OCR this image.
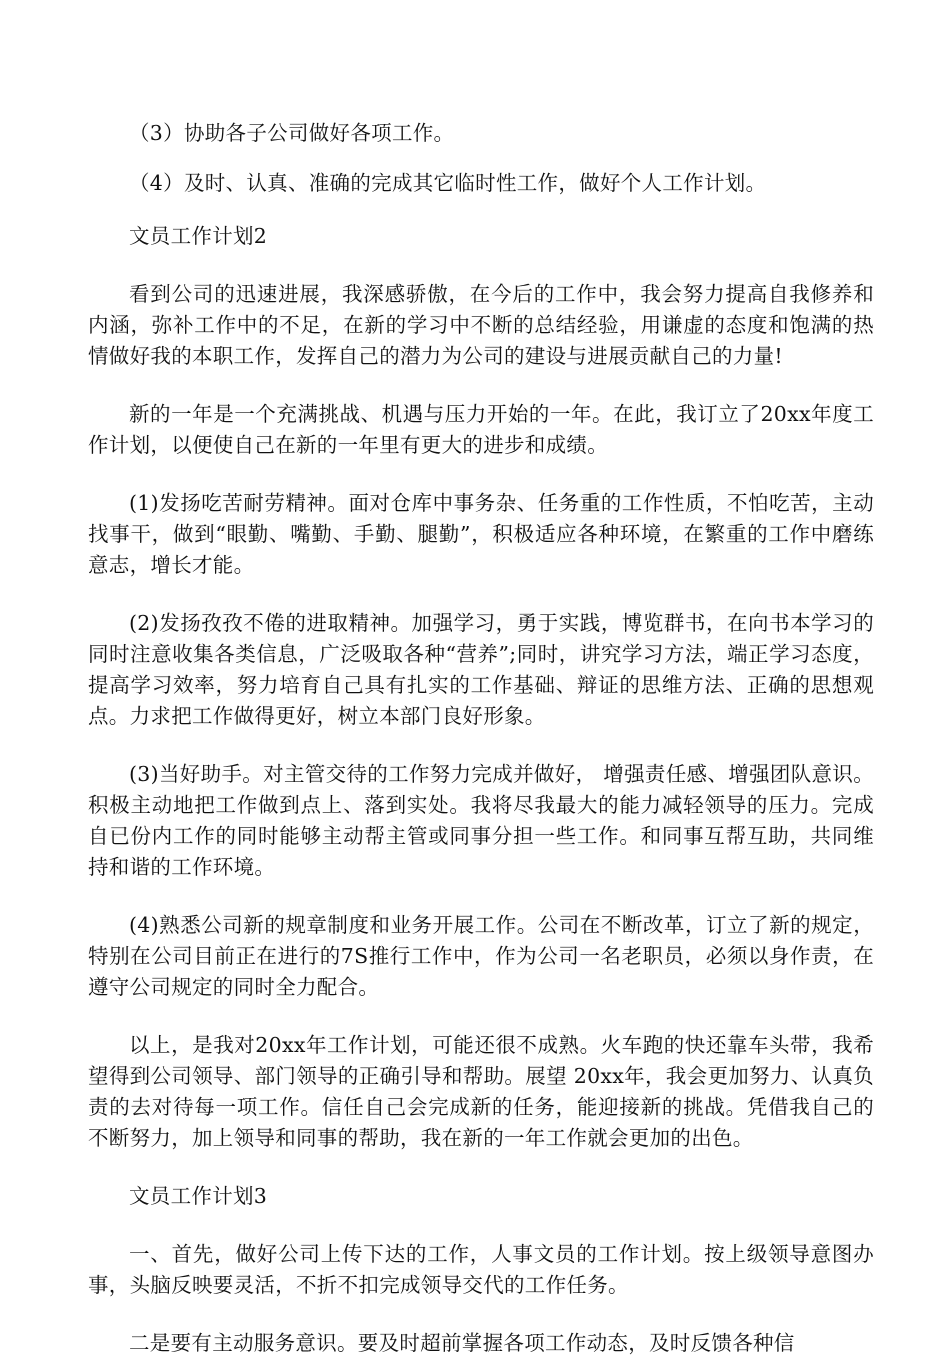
（3）协助各子公司做好各项工作。

（4）及时、认真、准确的完成其它临时性工作，做好个人工作计划。

文员工作计划2

看到公司的迅速进展，我深感骄傲，在今后的工作中，我会努力提高自我修养和内涵，弥补工作中的不足，在新的学习中不断的总结经验，用谦虚的态度和饱满的热情做好我的本职工作，发挥自己的潜力为公司的建设与进展贡献自己的力量!

新的一年是一个充满挑战、机遇与压力开始的一年。在此，我订立了20xx年度工作计划，以便使自己在新的一年里有更大的进步和成绩。

(1)发扬吃苦耐劳精神。面对仓库中事务杂、任务重的工作性质，不怕吃苦，主动找事干，做到“眼勤、嘴勤、手勤、腿勤”，积极适应各种环境，在繁重的工作中磨练意志，增长才能。

(2)发扬孜孜不倦的进取精神。加强学习，勇于实践，博览群书，在向书本学习的同时注意收集各类信息，广泛吸取各种“营养”;同时，讲究学习方法，端正学习态度，提高学习效率，努力培育自己具有扎实的工作基础、辩证的思维方法、正确的思想观点。力求把工作做得更好，树立本部门良好形象。

(3)当好助手。对主管交待的工作努力完成并做好， 增强责任感、增强团队意识。积极主动地把工作做到点上、落到实处。我将尽我最大的能力减轻领导的压力。完成自已份内工作的同时能够主动帮主管或同事分担一些工作。和同事互帮互助，共同维持和谐的工作环境。

(4)熟悉公司新的规章制度和业务开展工作。公司在不断改革，订立了新的规定，特别在公司目前正在进行的7S推行工作中，作为公司一名老职员，必须以身作责，在遵守公司规定的同时全力配合。

以上，是我对20xx年工作计划，可能还很不成熟。火车跑的快还靠车头带，我希望得到公司领导、部门领导的正确引导和帮助。展望 20xx年，我会更加努力、认真负责的去对待每一项工作。信任自己会完成新的任务，能迎接新的挑战。凭借我自己的不断努力，加上领导和同事的帮助，我在新的一年工作就会更加的出色。

文员工作计划3

一、首先，做好公司上传下达的工作，人事文员的工作计划。按上级领导意图办事，头脑反映要灵活，不折不扣完成领导交代的工作任务。

二是要有主动服务意识。要及时超前掌握各项工作动态，及时反馈各种信
